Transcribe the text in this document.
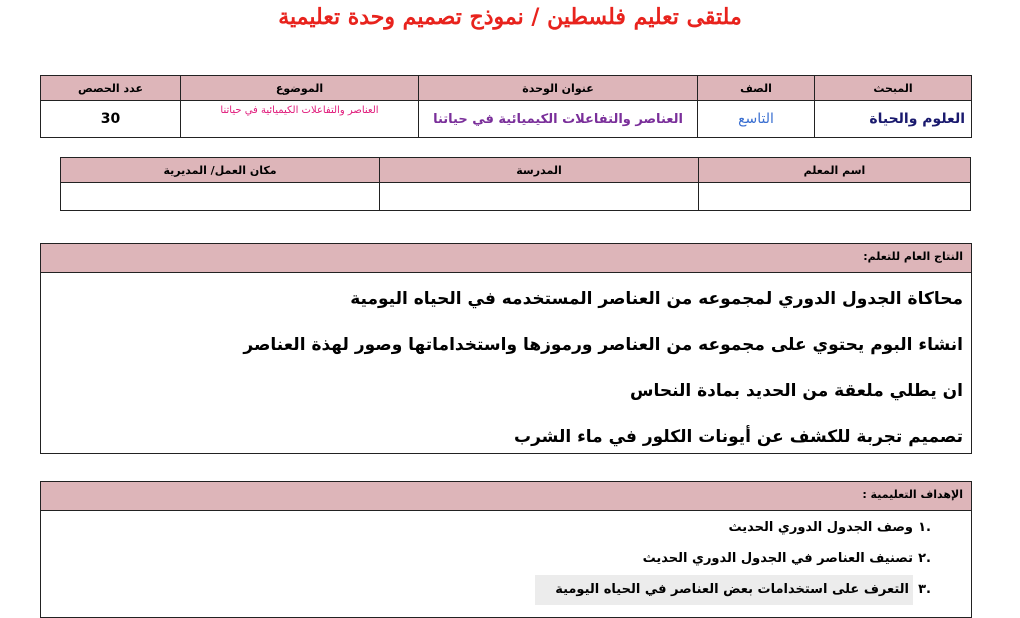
ملتقى تعليم فلسطين / نموذج تصميم وحدة تعليمية
المبحث	الصف	عنوان الوحدة	الموضوع	عدد الحصص
العلوم والحياة	التاسع	العناصر والتفاعلات الكيميائية في حياتنا	العناصر والتفاعلات الكيميائية في حياتنا	30
اسم المعلم	المدرسة	مكان العمل/ المديرية

النتاج العام للتعلم:
محاكاة الجدول الدوري لمجموعه من العناصر المستخدمه في الحياه اليومية
انشاء البوم يحتوي على مجموعه من العناصر ورموزها واستخداماتها وصور لهذة العناصر
ان يطلي ملعقة من الحديد بمادة النحاس
تصميم تجربة للكشف عن أيونات الكلور في ماء الشرب
الإهداف التعليمية :
١.
وصف الجدول الدوري الحديث
٢.
تصنيف العناصر في الجدول الدوري الحديث
٣.
التعرف على استخدامات بعض العناصر في الحياه اليومية
